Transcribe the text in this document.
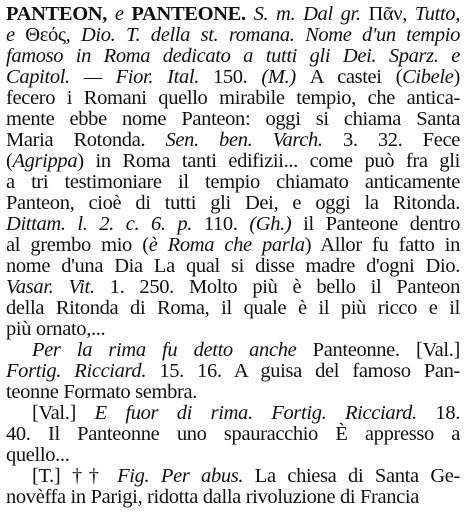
PANTEON, e PANTEONE. S. m. Dal gr. Πᾶν, Tutto,
e Θεός, Dio. T. della st. romana. Nome d'un tempio
famoso in Roma dedicato a tutti gli Dei. Sparz. e
Capitol. — Fior. Ital. 150. (M.) A castei (Cibele)
fecero i Romani quello mirabile tempio, che antica-
mente ebbe nome Panteon: oggi si chiama Santa
Maria Rotonda. Sen. ben. Varch. 3. 32. Fece
(Agrippa) in Roma tanti edifizii... come può fra gli
a tri testimoniare il tempio chiamato anticamente
Panteon, cioè di tutti gli Dei, e oggi la Ritonda.
Dittam. l. 2. c. 6. p. 110. (Gh.) il Panteone dentro
al grembo mio (è Roma che parla) Allor fu fatto in
nome d'una Dia La qual si disse madre d'ogni Dio.
Vasar. Vit. 1. 250. Molto più è bello il Panteon
della Ritonda di Roma, il quale è il più ricco e il
più ornato,...
Per la rima fu detto anche Panteonne. [Val.]
Fortig. Ricciard. 15. 16. A guisa del famoso Pan-
teonne Formato sembra.
[Val.] E fuor di rima. Fortig. Ricciard. 18.
40. Il Panteonne uno spauracchio È appresso a
quello...
[T.] †† Fig. Per abus. La chiesa di Santa Ge-
novèffa in Parigi, ridotta dalla rivoluzione di Francia
